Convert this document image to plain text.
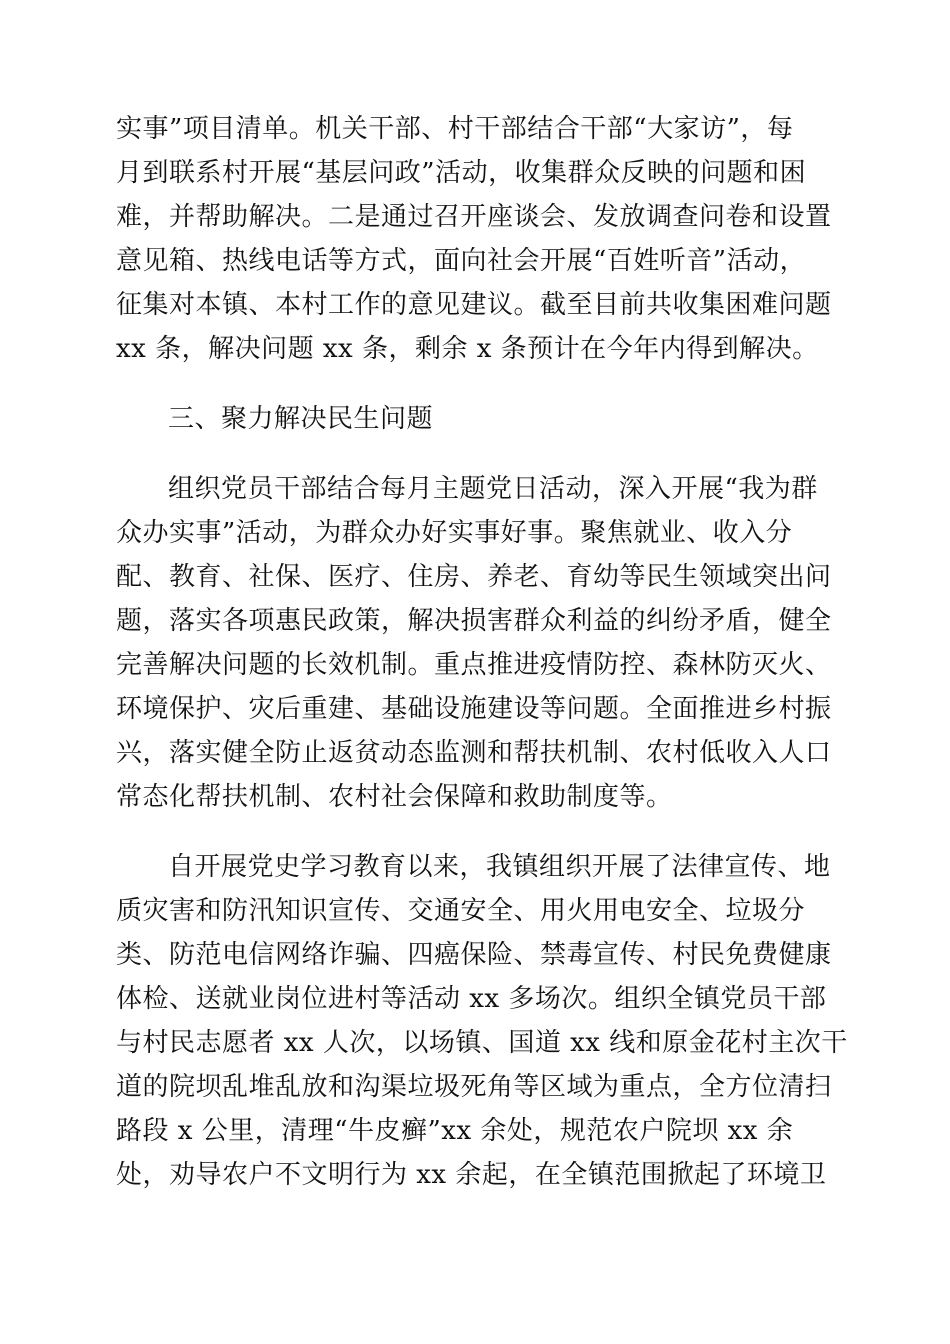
实事”项目清单。机关干部、村干部结合干部“大家访”，每
月到联系村开展“基层问政”活动，收集群众反映的问题和困
难，并帮助解决。二是通过召开座谈会、发放调查问卷和设置
意见箱、热线电话等方式，面向社会开展“百姓听音”活动，
征集对本镇、本村工作的意见建议。截至目前共收集困难问题
xx 条，解决问题 xx 条，剩余 x 条预计在今年内得到解决。
三、聚力解决民生问题
组织党员干部结合每月主题党日活动，深入开展“我为群
众办实事”活动，为群众办好实事好事。聚焦就业、收入分
配、教育、社保、医疗、住房、养老、育幼等民生领域突出问
题，落实各项惠民政策，解决损害群众利益的纠纷矛盾，健全
完善解决问题的长效机制。重点推进疫情防控、森林防灭火、
环境保护、灾后重建、基础设施建设等问题。全面推进乡村振
兴，落实健全防止返贫动态监测和帮扶机制、农村低收入人口
常态化帮扶机制、农村社会保障和救助制度等。
自开展党史学习教育以来，我镇组织开展了法律宣传、地
质灾害和防汛知识宣传、交通安全、用火用电安全、垃圾分
类、防范电信网络诈骗、四癌保险、禁毒宣传、村民免费健康
体检、送就业岗位进村等活动 xx 多场次。组织全镇党员干部
与村民志愿者 xx 人次，以场镇、国道 xx 线和原金花村主次干
道的院坝乱堆乱放和沟渠垃圾死角等区域为重点，全方位清扫
路段 x 公里，清理“牛皮癣”xx 余处，规范农户院坝 xx 余
处，劝导农户不文明行为 xx 余起，在全镇范围掀起了环境卫
